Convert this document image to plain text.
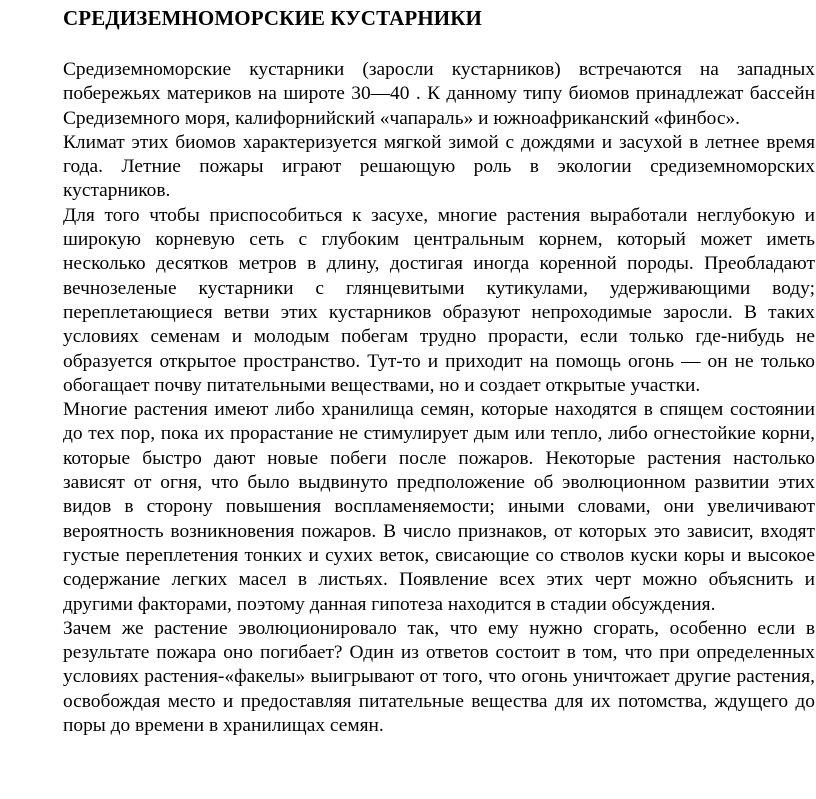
СРЕДИЗЕМНОМОРСКИЕ КУСТАРНИКИ

Средиземноморские кустарники (заросли кустарников) встречаются на западных побережьях материков на широте 30—40 . К данному типу биомов принадлежат бассейн Средиземного моря, калифорнийский «чапараль» и южноафриканский «финбос».

Климат этих биомов характеризуется мягкой зимой с дождями и засухой в летнее время года. Летние пожары играют решающую роль в экологии средиземноморских кустарников.

Для того чтобы приспособиться к засухе, многие растения выработали неглубокую и широкую корневую сеть с глубоким центральным корнем, который может иметь несколько десятков метров в длину, достигая иногда коренной породы. Преобладают вечнозеленые кустарники с глянцевитыми кутикулами, удерживающими воду; переплетающиеся ветви этих кустарников образуют непроходимые заросли. В таких условиях семенам и молодым побегам трудно прорасти, если только где-нибудь не образуется открытое пространство. Тут-то и приходит на помощь огонь — он не только обогащает почву питательными веществами, но и создает открытые участки.

Многие растения имеют либо хранилища семян, которые находятся в спящем состоянии до тех пор, пока их прорастание не стимулирует дым или тепло, либо огнестойкие корни, которые быстро дают новые побеги после пожаров. Некоторые растения настолько зависят от огня, что было выдвинуто предположение об эволюционном развитии этих видов в сторону повышения воспламеняемости; иными словами, они увеличивают вероятность возникновения пожаров. В число признаков, от которых это зависит, входят густые переплетения тонких и сухих веток, свисающие со стволов куски коры и высокое содержание легких масел в листьях. Появление всех этих черт можно объяснить и другими факторами, поэтому данная гипотеза находится в стадии обсуждения.

Зачем же растение эволюционировало так, что ему нужно сгорать, особенно если в результате пожара оно погибает? Один из ответов состоит в том, что при определенных условиях растения-«факелы» выигрывают от того, что огонь уничтожает другие растения, освобождая место и предоставляя питательные вещества для их потомства, ждущего до поры до времени в хранилищах семян.
